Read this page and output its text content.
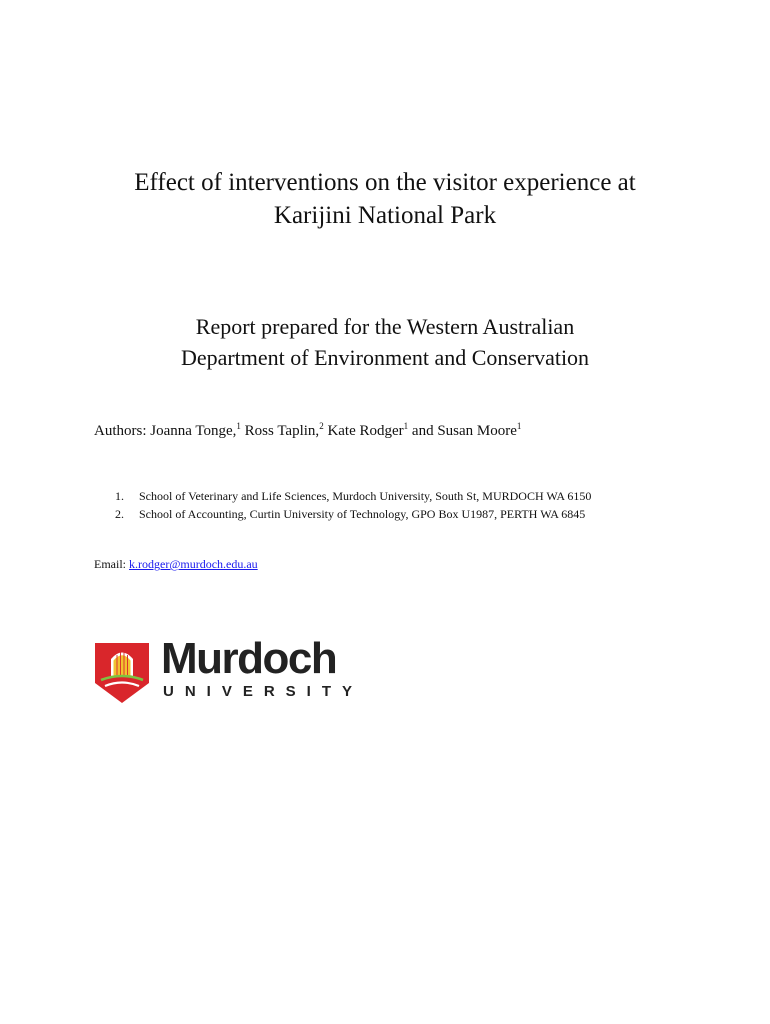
Effect of interventions on the visitor experience at
Karijini National Park
Report prepared for the Western Australian
Department of Environment and Conservation
Authors: Joanna Tonge,$^1$ Ross Taplin,$^2$ Kate Rodger$^1$ and Susan Moore$^1$
1. School of Veterinary and Life Sciences, Murdoch University, South St, MURDOCH WA 6150
2. School of Accounting, Curtin University of Technology, GPO Box U1987, PERTH WA 6845
Email: k.rodger@murdoch.edu.au
Murdoch
UNIVERSITY
